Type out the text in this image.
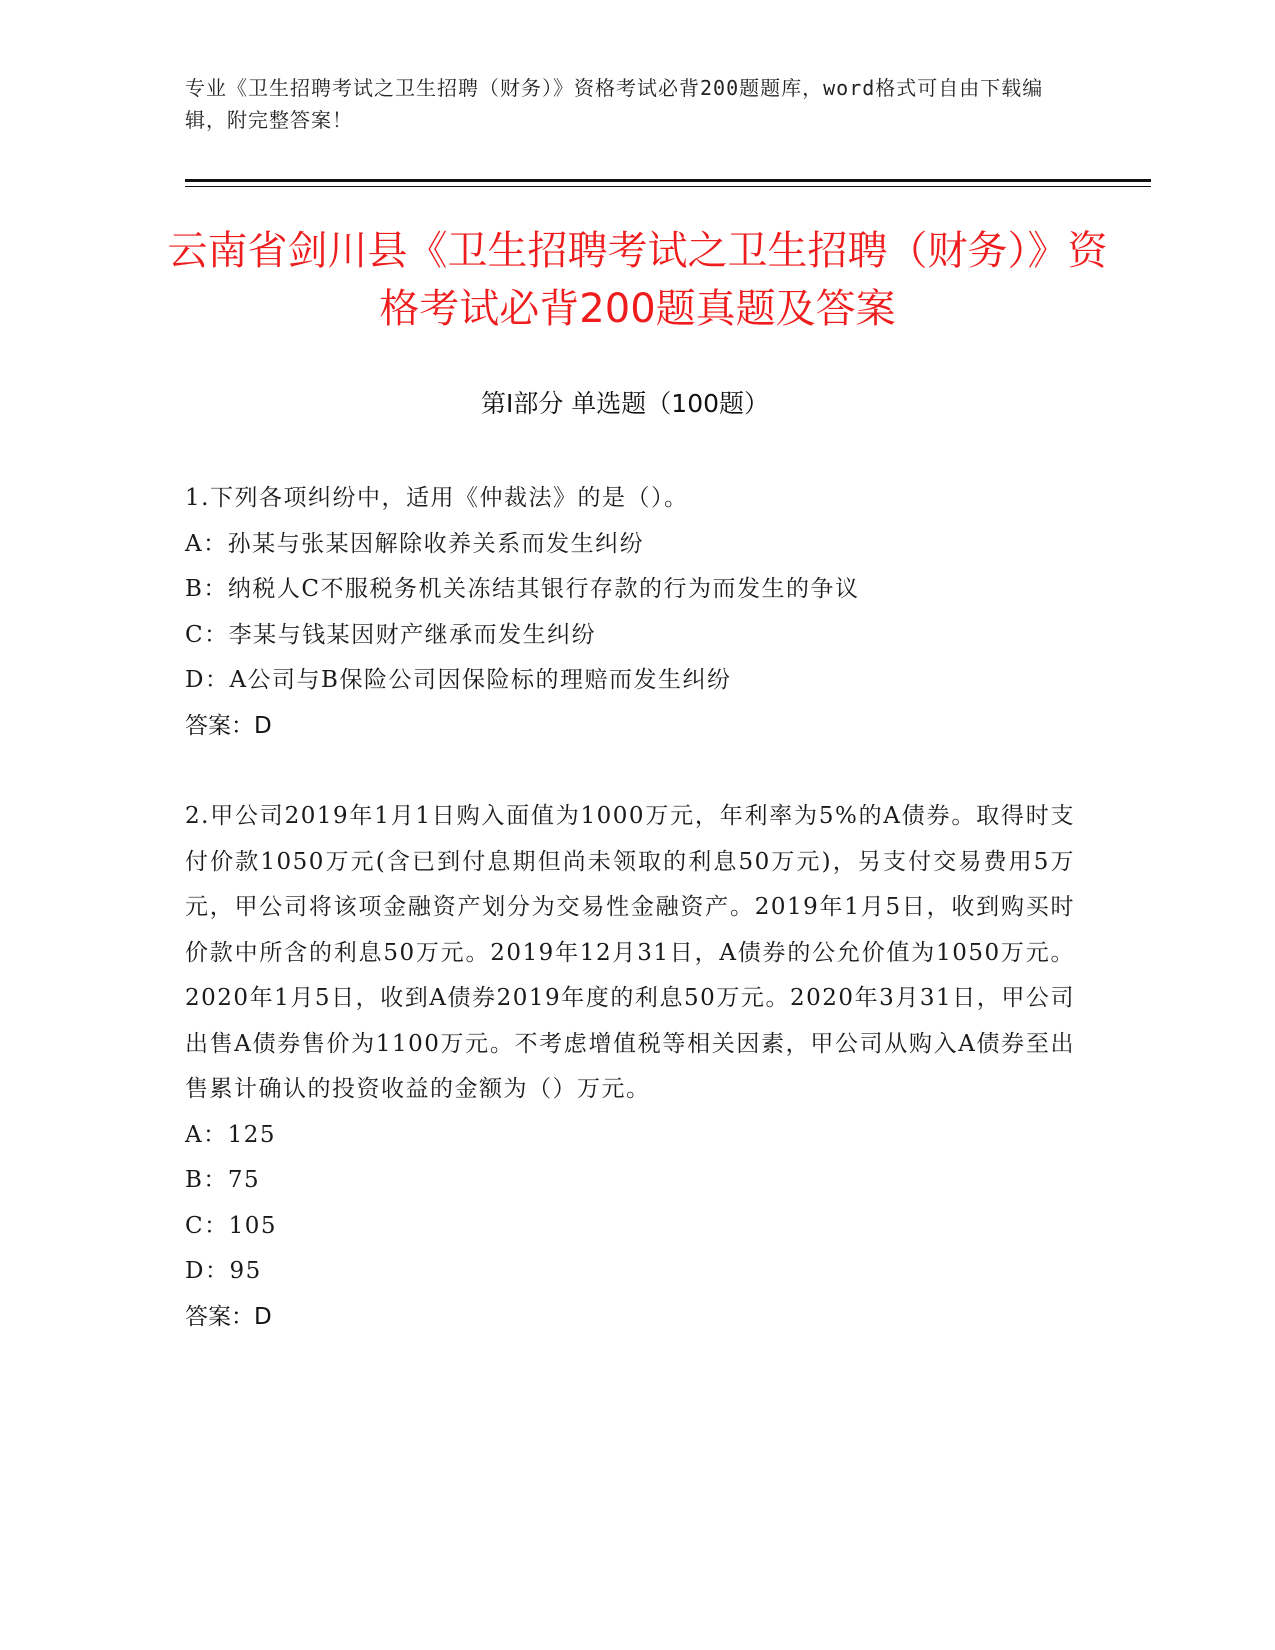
专业《卫生招聘考试之卫生招聘（财务）》资格考试必背200题题库，word格式可自由下载编辑，附完整答案！
云南省剑川县《卫生招聘考试之卫生招聘（财务）》资格考试必背200题真题及答案
第I部分 单选题（100题）
1.下列各项纠纷中，适用《仲裁法》的是（）。
A：孙某与张某因解除收养关系而发生纠纷
B：纳税人C不服税务机关冻结其银行存款的行为而发生的争议
C：李某与钱某因财产继承而发生纠纷
D：A公司与B保险公司因保险标的理赔而发生纠纷
答案：D
2.甲公司2019年1月1日购入面值为1000万元，年利率为5%的A债券。取得时支付价款1050万元(含已到付息期但尚未领取的利息50万元)，另支付交易费用5万元，甲公司将该项金融资产划分为交易性金融资产。2019年1月5日，收到购买时价款中所含的利息50万元。2019年12月31日，A债券的公允价值为1050万元。2020年1月5日，收到A债券2019年度的利息50万元。2020年3月31日，甲公司出售A债券售价为1100万元。不考虑增值税等相关因素，甲公司从购入A债券至出售累计确认的投资收益的金额为（）万元。
A：125
B：75
C：105
D：95
答案：D
